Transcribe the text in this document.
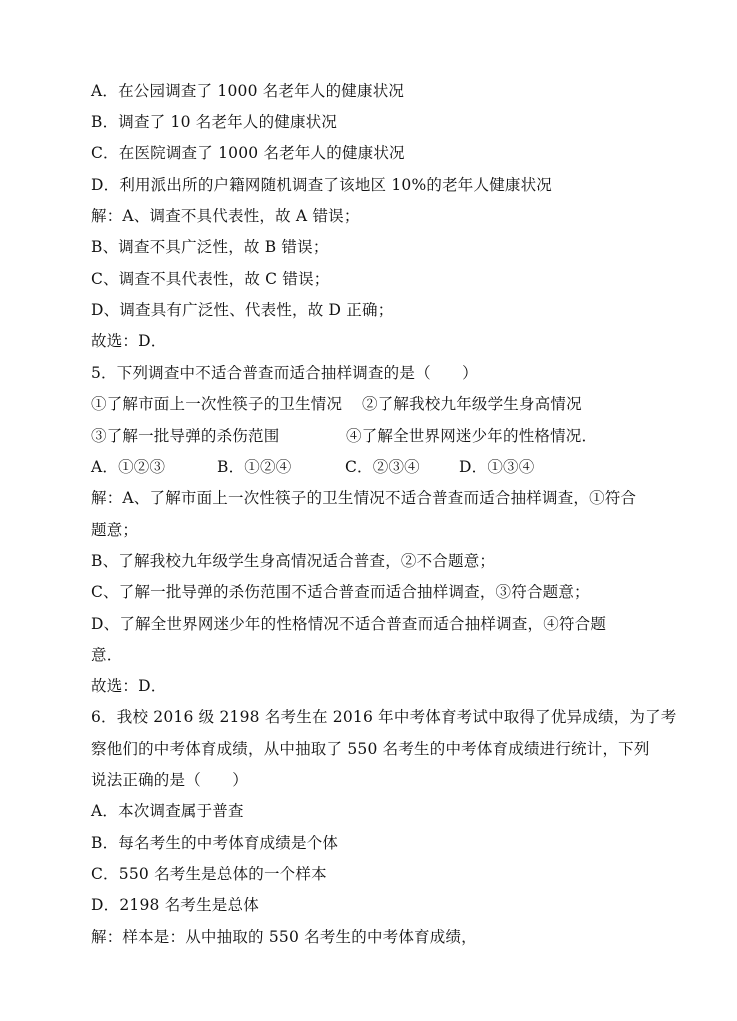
A．在公园调查了 1000 名老年人的健康状况
B．调查了 10 名老年人的健康状况
C．在医院调查了 1000 名老年人的健康状况
D．利用派出所的户籍网随机调查了该地区 10%的老年人健康状况
解：A、调查不具代表性，故 A 错误；
B、调查不具广泛性，故 B 错误；
C、调查不具代表性，故 C 错误；
D、调查具有广泛性、代表性，故 D 正确；
故选：D．
5．下列调查中不适合普查而适合抽样调查的是（　　）
①了解市面上一次性筷子的卫生情况 ②了解我校九年级学生身高情况
③了解一批导弹的杀伤范围	④了解全世界网迷少年的性格情况．
A．①②③	B．①②④	C．②③④	D．①③④
解：A、了解市面上一次性筷子的卫生情况不适合普查而适合抽样调查，①符合
题意；
B、了解我校九年级学生身高情况适合普查，②不合题意；
C、了解一批导弹的杀伤范围不适合普查而适合抽样调查，③符合题意；
D、了解全世界网迷少年的性格情况不适合普查而适合抽样调查，④符合题
意．
故选：D．
6．我校 2016 级 2198 名考生在 2016 年中考体育考试中取得了优异成绩，为了考
察他们的中考体育成绩，从中抽取了 550 名考生的中考体育成绩进行统计，下列
说法正确的是（　　）
A．本次调查属于普查
B．每名考生的中考体育成绩是个体
C．550 名考生是总体的一个样本
D．2198 名考生是总体
解：样本是：从中抽取的 550 名考生的中考体育成绩，
